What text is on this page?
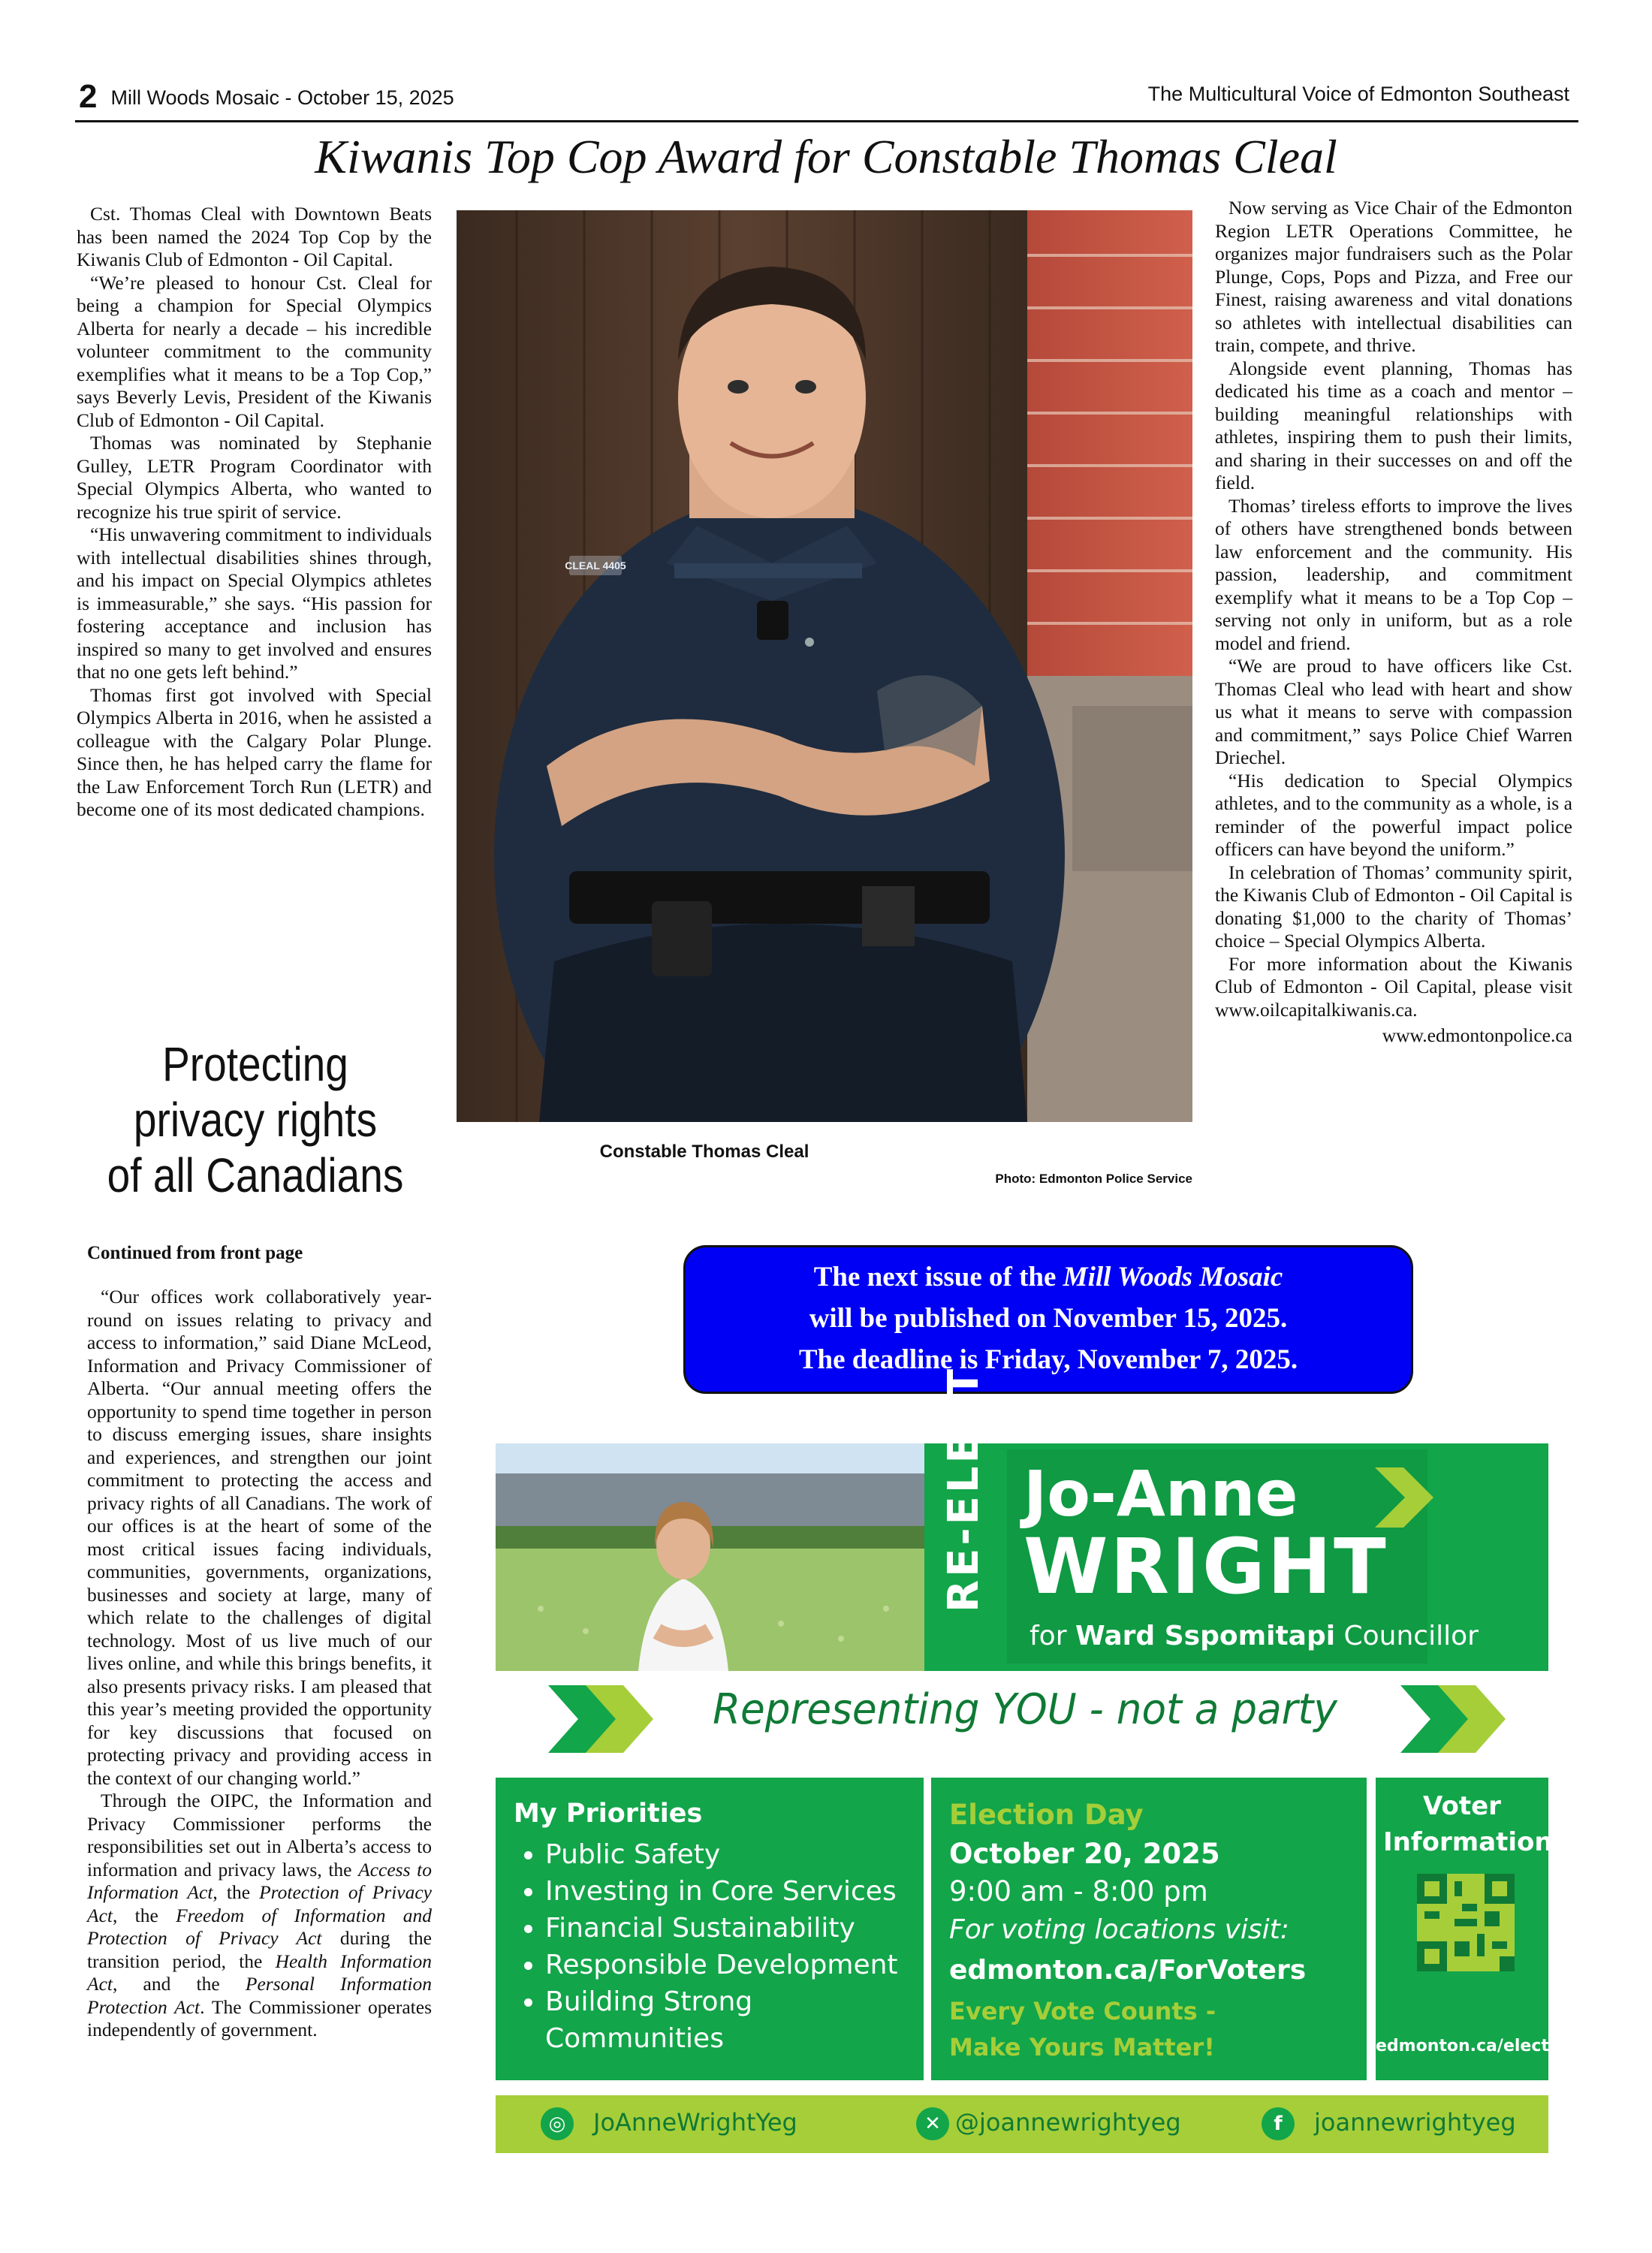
2 Mill Woods Mosaic - October 15, 2025	The Multicultural Voice of Edmonton Southeast
Kiwanis Top Cop Award for Constable Thomas Cleal

Cst. Thomas Cleal with Downtown Beats has been named the 2024 Top Cop by the Kiwanis Club of Edmonton - Oil Capital.

“We’re pleased to honour Cst. Cleal for being a champion for Special Olympics Alberta for nearly a decade – his incredible volunteer commitment to the community exemplifies what it means to be a Top Cop,” says Beverly Levis, President of the Kiwanis Club of Edmonton - Oil Capital.

Thomas was nominated by Stephanie Gulley, LETR Program Coordinator with Special Olympics Alberta, who wanted to recognize his true spirit of service.

“His unwavering commitment to individuals with intellectual disabilities shines through, and his impact on Special Olympics athletes is immeasurable,” she says. “His passion for fostering acceptance and inclusion has inspired so many to get involved and ensures that no one gets left behind.”

Thomas first got involved with Special Olympics Alberta in 2016, when he assisted a colleague with the Calgary Polar Plunge. Since then, he has helped carry the flame for the Law Enforcement Torch Run (LETR) and become one of its most dedicated champions.

CLEAL 4405
Constable Thomas Cleal
Photo: Edmonton Police Service

Now serving as Vice Chair of the Edmonton Region LETR Operations Committee, he organizes major fundraisers such as the Polar Plunge, Cops, Pops and Pizza, and Free our Finest, raising awareness and vital donations so athletes with intellectual disabilities can train, compete, and thrive.

Alongside event planning, Thomas has dedicated his time as a coach and mentor – building meaningful relationships with athletes, inspiring them to push their limits, and sharing in their successes on and off the field.

Thomas’ tireless efforts to improve the lives of others have strengthened bonds between law enforcement and the community. His passion, leadership, and commitment exemplify what it means to be a Top Cop – serving not only in uniform, but as a role model and friend.

“We are proud to have officers like Cst. Thomas Cleal who lead with heart and show us what it means to serve with compassion and commitment,” says Police Chief Warren Driechel.

“His dedication to Special Olympics athletes, and to the community as a whole, is a reminder of the powerful impact police officers can have beyond the uniform.”

In celebration of Thomas’ community spirit, the Kiwanis Club of Edmonton - Oil Capital is donating $1,000 to the charity of Thomas’ choice – Special Olympics Alberta.

For more information about the Kiwanis Club of Edmonton - Oil Capital, please visit www.oilcapitalkiwanis.ca.

www.edmontonpolice.ca
Protecting
privacy rights
of all Canadians
Continued from front page

“Our offices work collaboratively year-round on issues relating to privacy and access to information,” said Diane McLeod, Information and Privacy Commissioner of Alberta. “Our annual meeting offers the opportunity to spend time together in person to discuss emerging issues, share insights and experiences, and strengthen our joint commitment to protecting the access and privacy rights of all Canadians. The work of our offices is at the heart of some of the most critical issues facing individuals, communities, governments, organizations, businesses and society at large, many of which relate to the challenges of digital technology. Most of us live much of our lives online, and while this brings benefits, it also presents privacy risks. I am pleased that this year’s meeting provided the opportunity for key discussions that focused on protecting privacy and providing access in the context of our changing world.”

Through the OIPC, the Information and Privacy Commissioner performs the responsibilities set out in Alberta’s access to information and privacy laws, the Access to Information Act, the Protection of Privacy Act, the Freedom of Information and Protection of Privacy Act during the transition period, the Health Information Act, and the Personal Information Protection Act. The Commissioner operates independently of government.

The next issue of the Mill Woods Mosaic
will be published on November 15, 2025.
The deadline is Friday, November 7, 2025.
RE-ELECT Jo-Anne
WRIGHT
for Ward Sspomitapi Councillor
Representing YOU - not a party
My Priorities
• Public Safety
• Investing in Core Services
• Financial Sustainability
• Responsible Development
• Building Strong Communities
Election Day
October 20, 2025
9:00 am - 8:00 pm
For voting locations visit:
edmonton.ca/ForVoters
Every Vote Counts -
Make Yours Matter!
Voter Information
edmonton.ca/elections
◎ JoAnneWrightYeg	✕ @joannewrightyeg	f joannewrightyeg
